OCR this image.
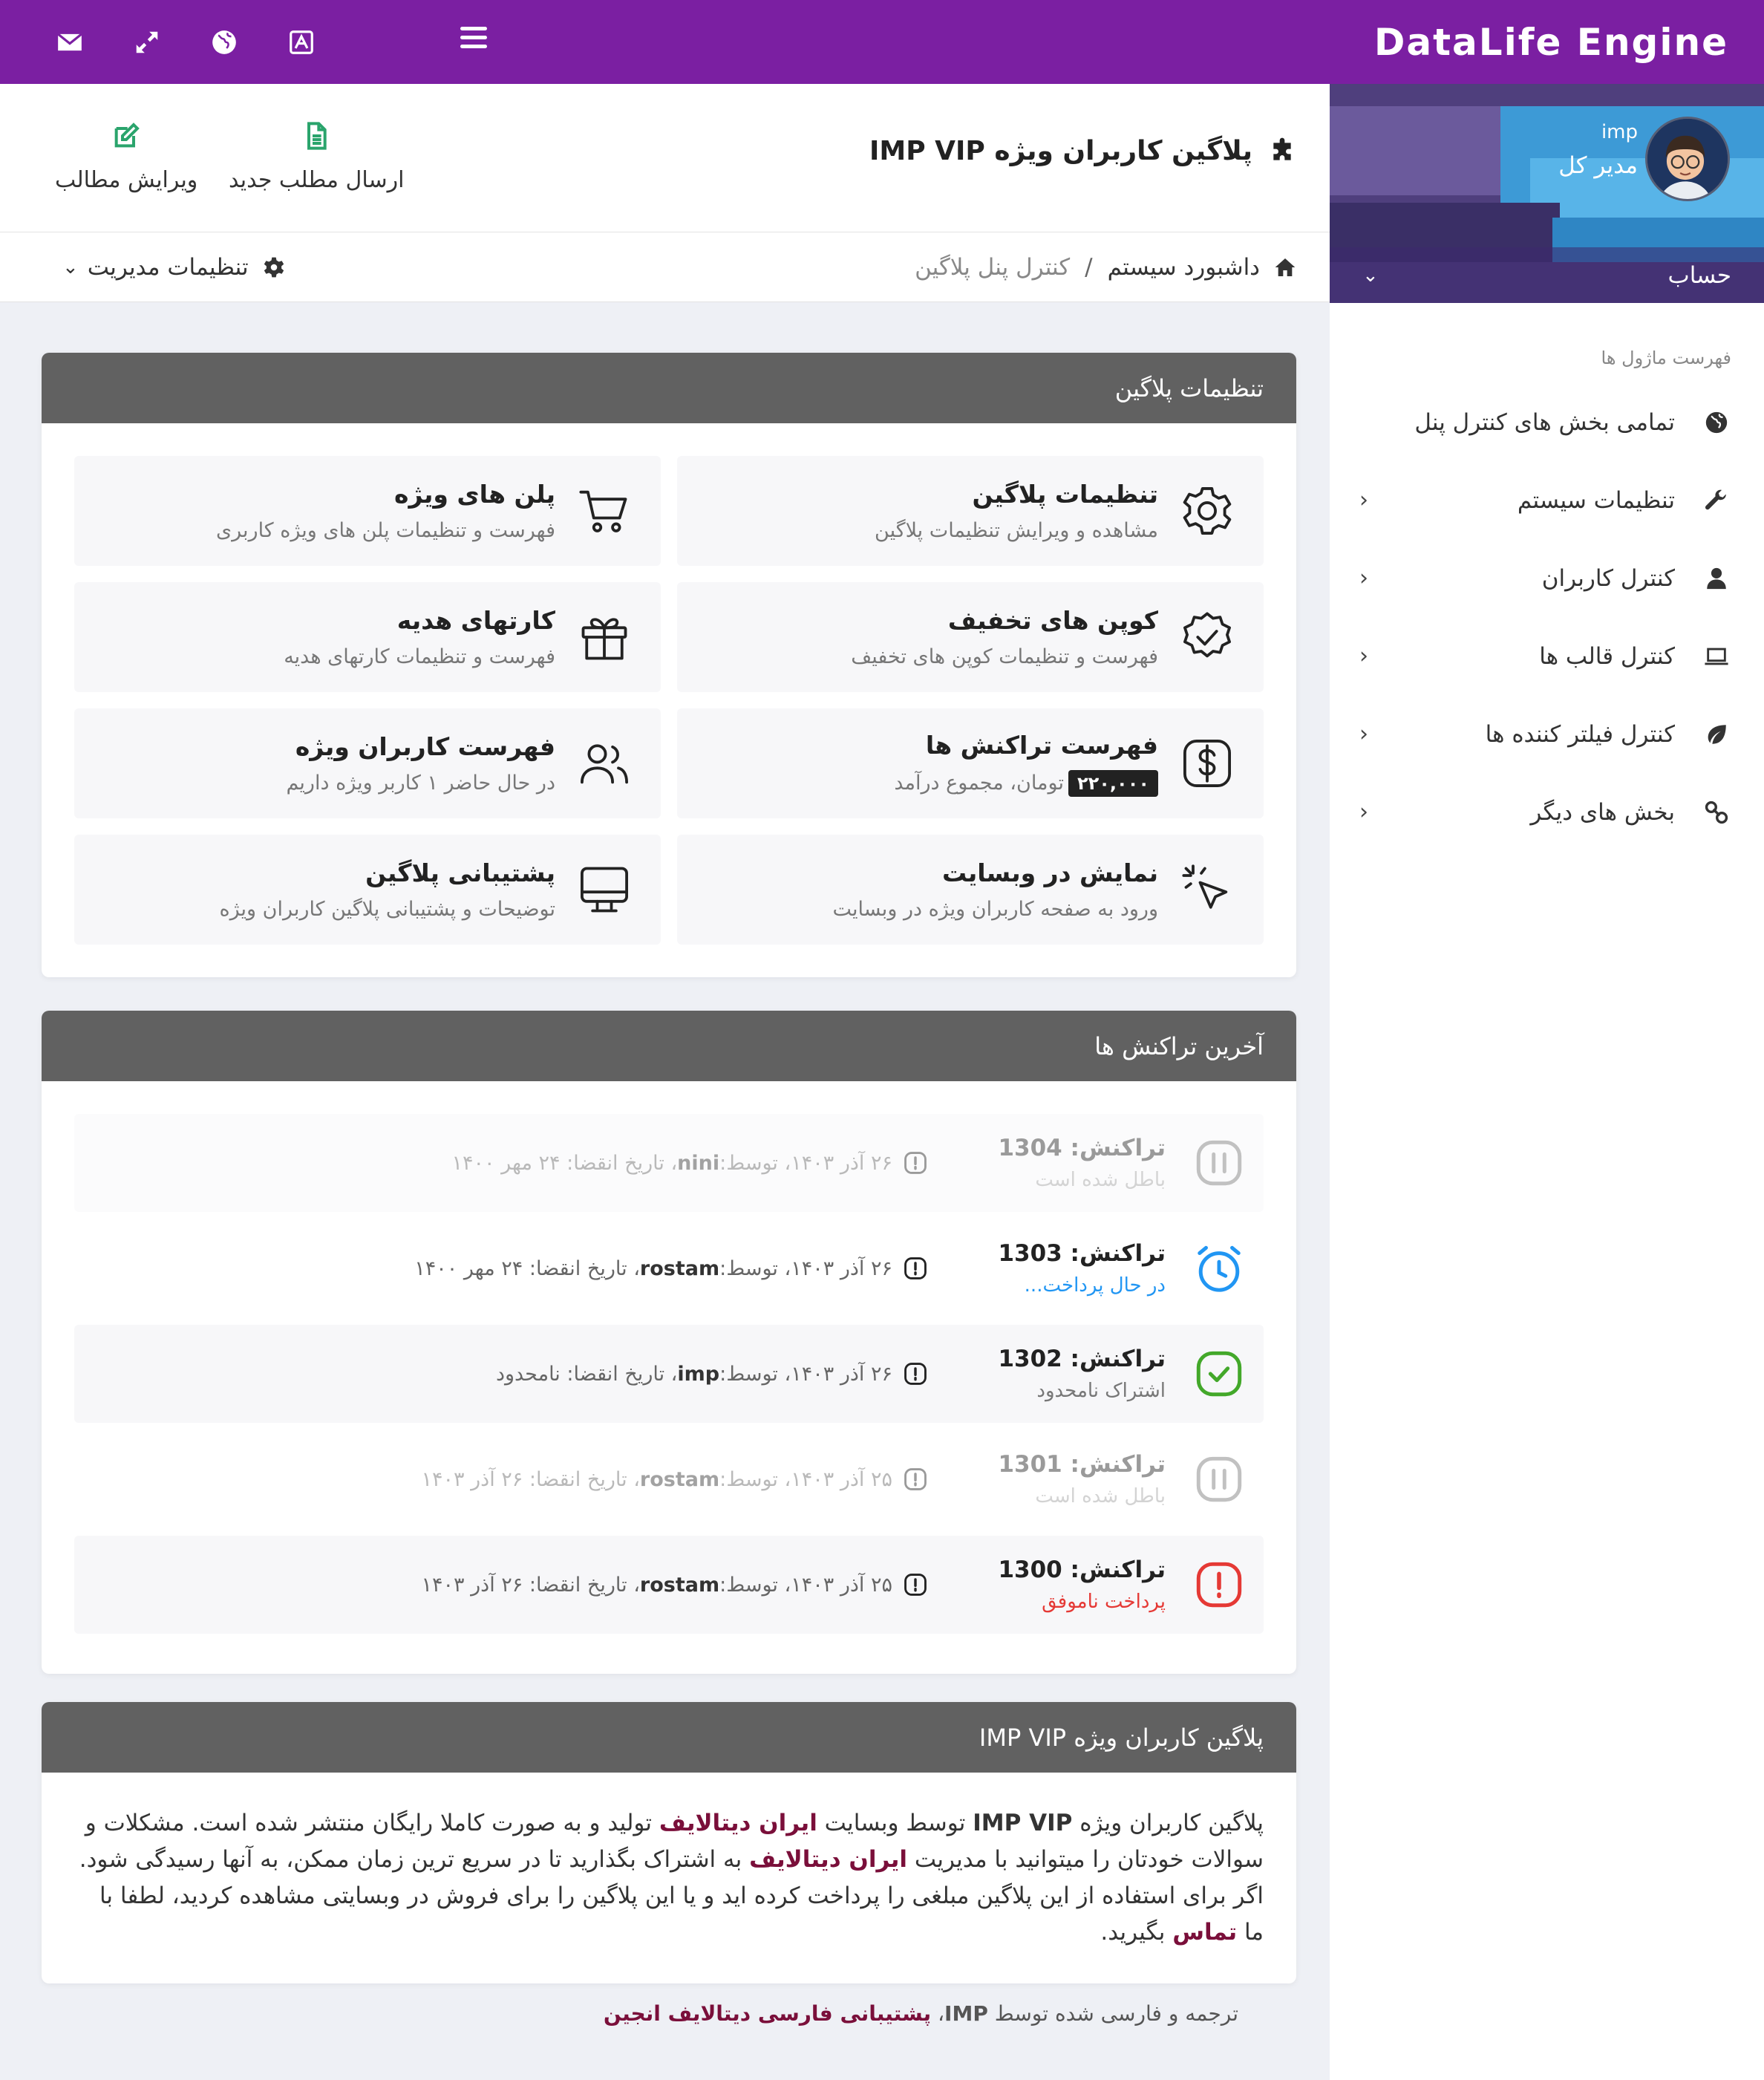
DataLife Engine
imp
مدیر کل
حساب
⌄
فهرست ماژول ها
تمامی بخش های کنترل پنل
تنظیمات سیستم
‹
کنترل کاربران
‹
کنترل قالب ها
‹
کنترل فیلتر کننده ها
‹
بخش های دیگر
‹
پلاگین کاربران ویژه IMP VIP
ارسال مطلب جدید
ویرایش مطالب
داشبورد سیستم
/
کنترل پنل پلاگین
تنظیمات مدیریت
⌄
تنظیمات پلاگین
تنظیمات پلاگین
مشاهده و ویرایش تنظیمات پلاگین
پلن های ویژه
فهرست و تنظیمات پلن های ویژه کاربری
کوپن های تخفیف
فهرست و تنظیمات کوپن های تخفیف
کارتهای هدیه
فهرست و تنظیمات کارتهای هدیه
فهرست تراکنش ها
۲۲۰,۰۰۰تومان، مجموع درآمد
فهرست کاربران ویژه
در حال حاضر ۱ کاربر ویژه داریم
نمایش در وبسایت
ورود به صفحه کاربران ویژه در وبسایت
پشتیبانی پلاگین
توضیحات و پشتیبانی پلاگین کاربران ویژه
آخرین تراکنش ها
تراکنش: 1304
باطل شده است
۲۶ آذر ۱۴۰۳
، توسط:
nini
، تاریخ انقضا: ۲۴ مهر ۱۴۰۰
تراکنش: 1303
در حال پرداخت...
۲۶ آذر ۱۴۰۳
، توسط:
rostam
، تاریخ انقضا: ۲۴ مهر ۱۴۰۰
تراکنش: 1302
اشتراک نامحدود
۲۶ آذر ۱۴۰۳
، توسط:
imp
، تاریخ انقضا: نامحدود
تراکنش: 1301
باطل شده است
۲۵ آذر ۱۴۰۳
، توسط:
rostam
، تاریخ انقضا: ۲۶ آذر ۱۴۰۳
تراکنش: 1300
پرداخت ناموفق
۲۵ آذر ۱۴۰۳
، توسط:
rostam
، تاریخ انقضا: ۲۶ آذر ۱۴۰۳
پلاگین کاربران ویژه IMP VIP
پلاگین کاربران ویژه IMP VIP توسط وبسایت ایران دیتالایف تولید و به صورت کاملا رایگان منتشر شده است. مشکلات و سوالات خودتان را میتوانید با مدیریت ایران دیتالایف به اشتراک بگذارید تا در سریع ترین زمان ممکن، به آنها رسیدگی شود. اگر برای استفاده از این پلاگین مبلغی را پرداخت کرده اید و یا این پلاگین را برای فروش در وبسایتی مشاهده کردید، لطفا با ما تماس بگیرید.
ترجمه و فارسی شده توسط IMP، پشتیبانی فارسی دیتالایف انجین
